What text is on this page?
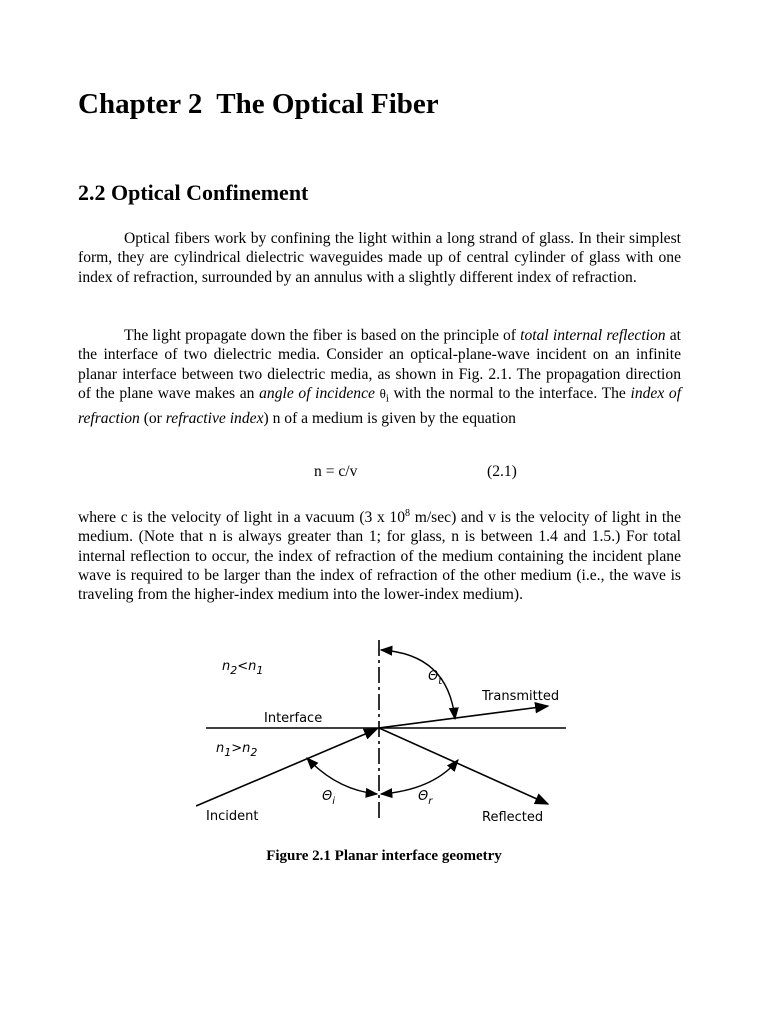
Chapter 2  The Optical Fiber
2.2 Optical Confinement

Optical fibers work by confining the light within a long strand of glass. In their simplest form, they are cylindrical dielectric waveguides made up of central cylinder of glass with one index of refraction, surrounded by an annulus with a slightly different index of refraction.

The light propagate down the fiber is based on the principle of total internal reflection at the interface of two dielectric media. Consider an optical-plane-wave incident on an infinite planar interface between two dielectric media, as shown in Fig. 2.1. The propagation direction of the plane wave makes an angle of incidence $\theta_i$ with the normal to the interface. The index of refraction (or refractive index) n of a medium is given by the equation

n = c/v	(2.1)

where c is the velocity of light in a vacuum (3 x $10^8$ m/sec) and v is the velocity of light in the medium. (Note that n is always greater than 1; for glass, n is between 1.4 and 1.5.) For total internal reflection to occur, the index of refraction of the medium containing the incident plane wave is required to be larger than the index of refraction of the other medium (i.e., the wave is traveling from the higher-index medium into the lower-index medium).

$n_2<n_1$
Interface
$n_1>n_2$
Transmitted
Incident	Reflected
$\Theta_t$
$\Theta_i$	$\Theta_r$

Figure 2.1 Planar interface geometry
